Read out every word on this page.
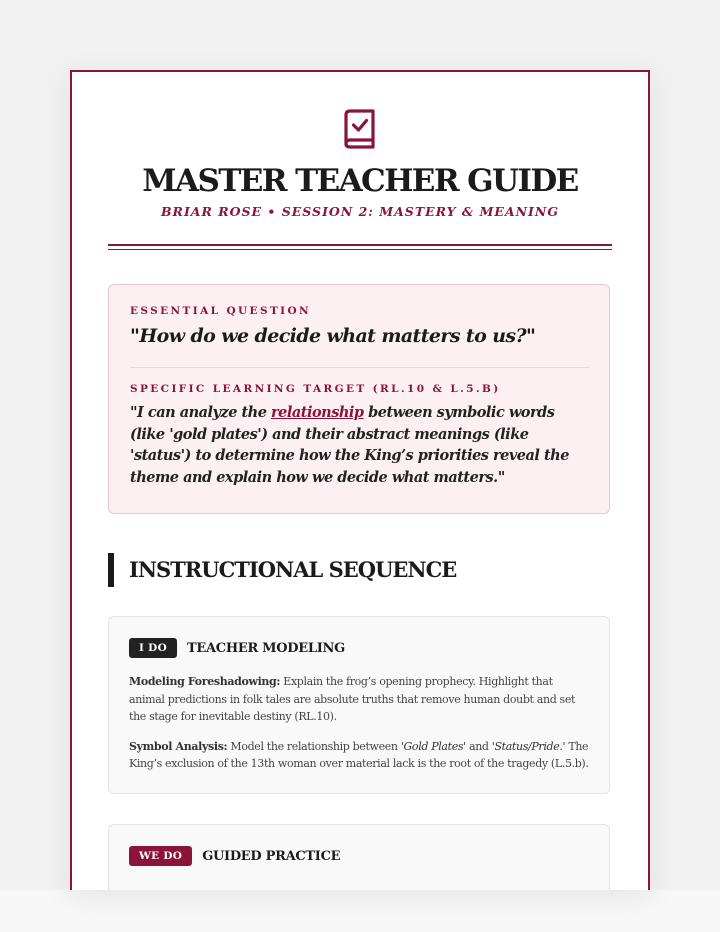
MASTER TEACHER GUIDE
BRIAR ROSE • SESSION 2: MASTERY & MEANING
ESSENTIAL QUESTION
"How do we decide what matters to us?"
SPECIFIC LEARNING TARGET (RL.10 & L.5.B)
"I can analyze the relationship between symbolic words (like 'gold plates') and their abstract meanings (like 'status') to determine how the King’s priorities reveal the theme and explain how we decide what matters."
INSTRUCTIONAL SEQUENCE
I DO	TEACHER MODELING

Modeling Foreshadowing: Explain the frog’s opening prophecy. Highlight that animal predictions in folk tales are absolute truths that remove human doubt and set the stage for inevitable destiny (RL.10).

Symbol Analysis: Model the relationship between 'Gold Plates' and 'Status/Pride.' The King’s exclusion of the 13th woman over material lack is the root of the tragedy (L.5.b).

WE DO	GUIDED PRACTICE
